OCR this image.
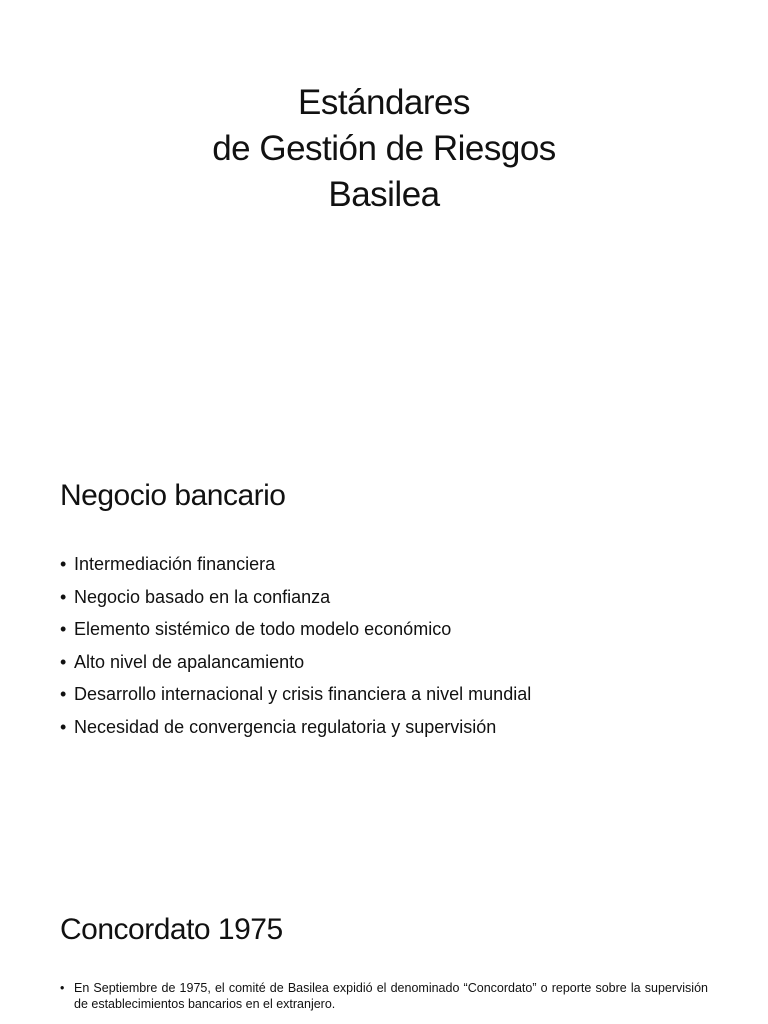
Estándares
de Gestión de Riesgos
Basilea
Negocio bancario
• Intermediación financiera
• Negocio basado en la confianza
• Elemento sistémico de todo modelo económico
• Alto nivel de apalancamiento
• Desarrollo internacional y crisis financiera a nivel mundial
• Necesidad de convergencia regulatoria y supervisión
Concordato 1975
• En Septiembre de 1975, el comité de Basilea expidió el denominado “Concordato” o reporte sobre la supervisión de establecimientos bancarios en el extranjero.
